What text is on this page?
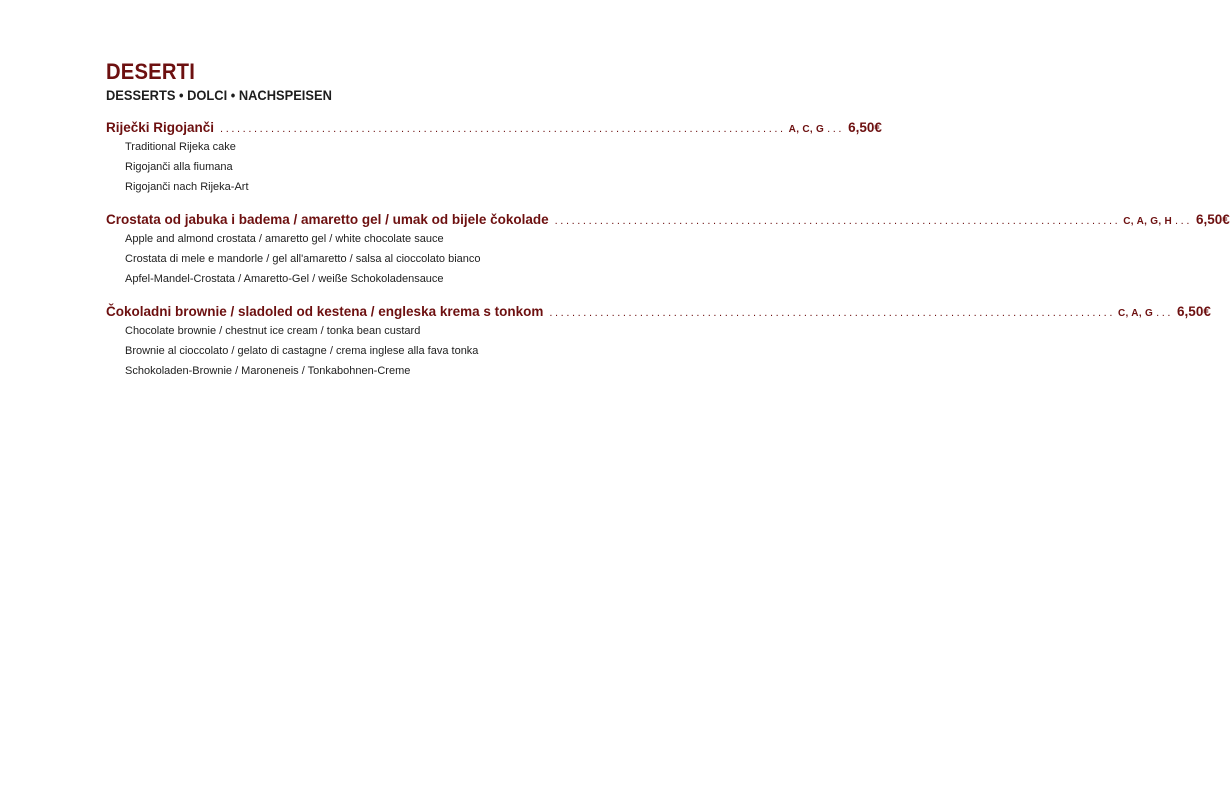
DESERTI
DESSERTS • DOLCI • NACHSPEISEN
Riječki Rigojanči .................................................................................................... A, C, G ... 6,50€
Traditional Rijeka cake
Rigojanči alla fiumana
Rigojanči nach Rijeka-Art
Crostata od jabuka i badema / amaretto gel / umak od bijele čokolade .................................................................................................... C, A, G, H ... 6,50€
Apple and almond crostata / amaretto gel / white chocolate sauce
Crostata di mele e mandorle / gel all'amaretto / salsa al cioccolato bianco
Apfel-Mandel-Crostata / Amaretto-Gel / weiße Schokoladensauce
Čokoladni brownie / sladoled od kestena / engleska krema s tonkom .................................................................................................... C, A, G ... 6,50€
Chocolate brownie / chestnut ice cream / tonka bean custard
Brownie al cioccolato / gelato di castagne / crema inglese alla fava tonka
Schokoladen-Brownie / Maroneneis / Tonkabohnen-Creme
